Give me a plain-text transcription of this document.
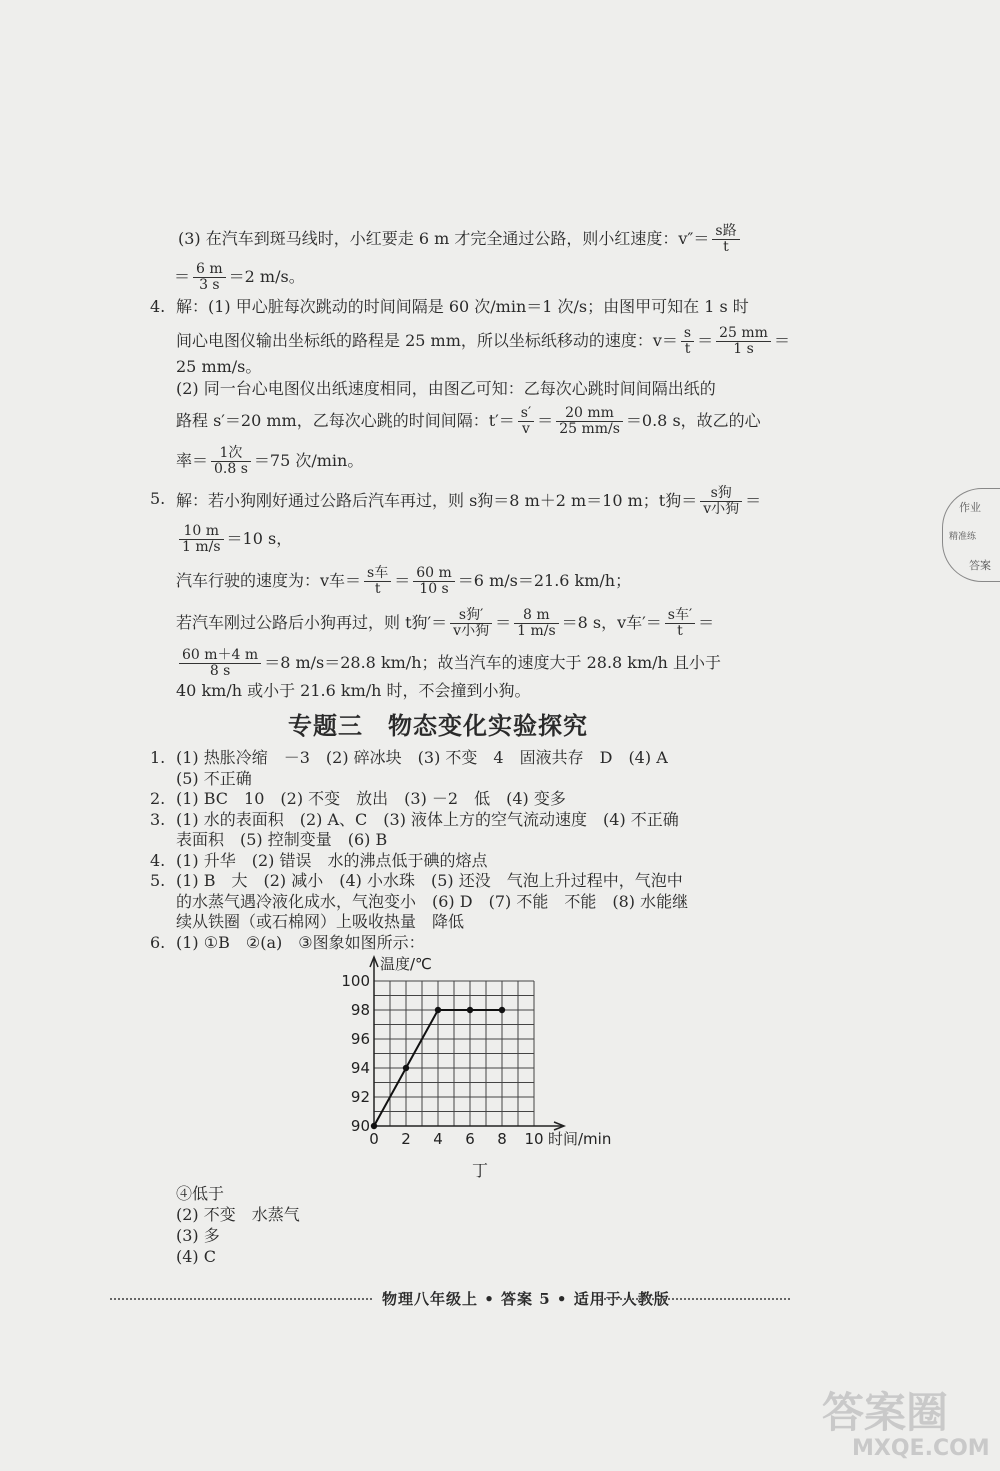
(3) 在汽车到斑马线时，小红要走 6 m 才完全通过公路，则小红速度：$v''= \frac{\text{s路}}{t}$
＝ $\frac{6 m}{3 s} =2$ m/s。
4. 解：(1) 甲心脏每次跳动的时间间隔是 60 次/min＝1 次/s；由图甲可知在 1 s 时
间心电图仪输出坐标纸的路程是 25 mm，所以坐标纸移动的速度：$v= \frac{s}{t} = \frac{25 mm}{1 s}$ ＝
25 mm/s。
(2) 同一台心电图仪出纸速度相同，由图乙可知：乙每次心跳时间间隔出纸的
路程 s′＝20 mm，乙每次心跳的时间间隔：$t'= \frac{s'}{v} = \frac{20 mm}{25 mm/s} =0.8$ s，故乙的心
率＝ $\frac{\text{1次}}{0.8 s} =75$ 次/min。
5. 解：若小狗刚好通过公路后汽车再过，则 s狗＝8 m＋2 m＝10 m；t狗＝ $\frac{\text{s狗}}{\text{v小狗}}$ ＝
$\frac{10 m}{1 m/s} =10$ s，
汽车行驶的速度为：v车＝ $\frac{\text{s车}}{t} = \frac{60 m}{10 s} =6$ m/s＝21.6 km/h；
若汽车刚过公路后小狗再过，则 t狗′＝ $\frac{\text{s狗′}}{\text{v小狗}} = \frac{8 m}{1 m/s} =8$ s，v车′＝ $\frac{\text{s车′}}{t}$ ＝
$\frac{60 m+4 m}{8 s} =8$ m/s＝28.8 km/h；故当汽车的速度大于 28.8 km/h 且小于
40 km/h 或小于 21.6 km/h 时，不会撞到小狗。
专题三　物态变化实验探究
1. (1) 热胀冷缩　－3　(2) 碎冰块　(3) 不变　4　固液共存　D　(4) A
(5) 不正确
2. (1) BC　10　(2) 不变　放出　(3) －2　低　(4) 变多
3. (1) 水的表面积　(2) A、C　(3) 液体上方的空气流动速度　(4) 不正确
表面积　(5) 控制变量　(6) B
4. (1) 升华　(2) 错误　水的沸点低于碘的熔点
5. (1) B　大　(2) 减小　(4) 小水珠　(5) 还没　气泡上升过程中，气泡中
的水蒸气遇冷液化成水，气泡变小　(6) D　(7) 不能　不能　(8) 水能继
续从铁圈（或石棉网）上吸收热量　降低
6. (1) ①B　②(a)　③图象如图所示：
0 2 4 6 8 10
90
92
94
96
98
100
温度/℃
时间/min
丁
④低于
(2) 不变　水蒸气
(3) 多
(4) C
物理八年级上 • 答案 5 • 适用于人教版
作业
精准练
答案
答案圈
MXQE.COM
